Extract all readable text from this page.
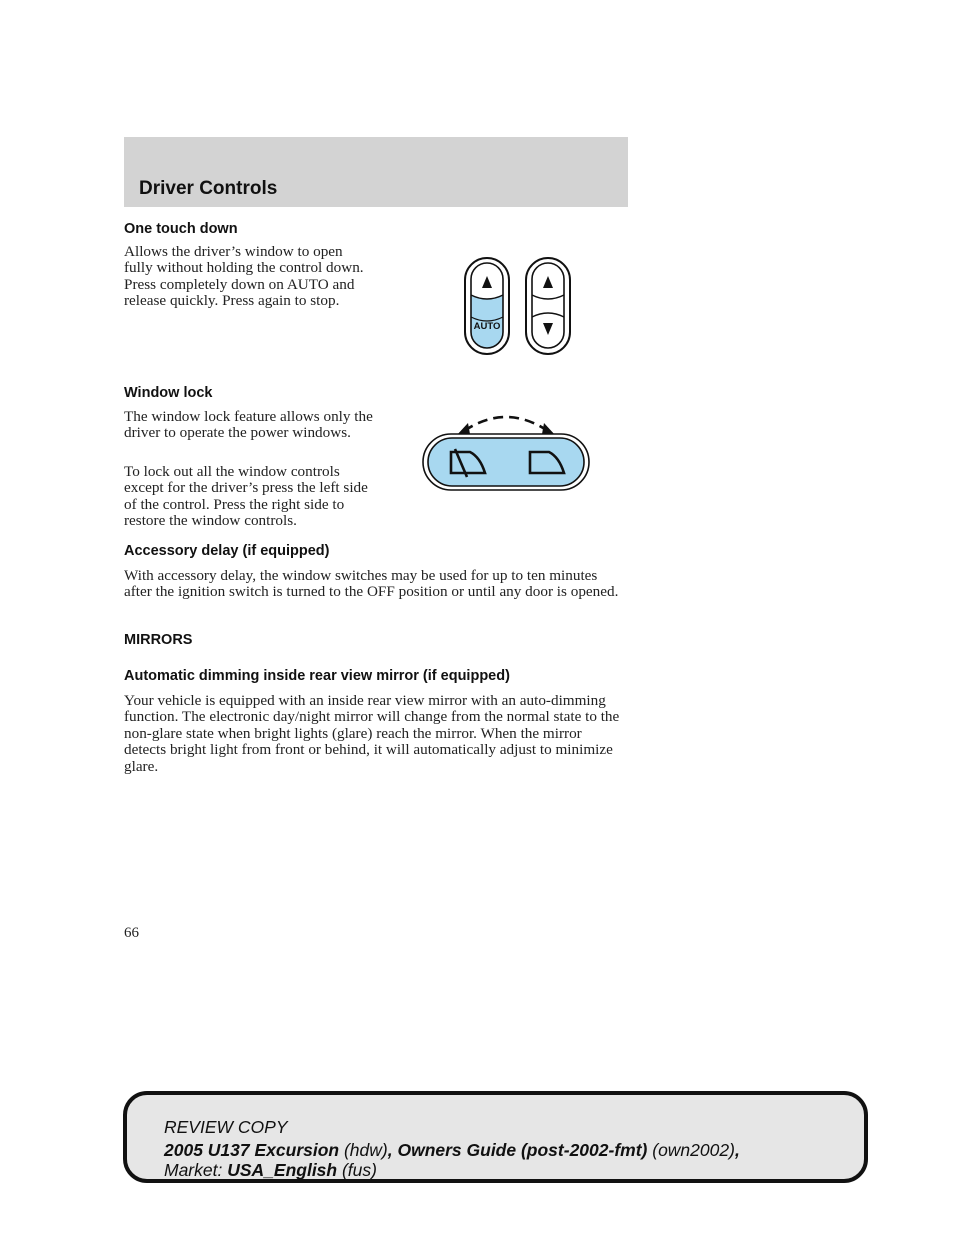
Driver Controls
One touch down

Allows the driver’s window to open fully without holding the control down. Press completely down on AUTO and release quickly. Press again to stop.

AUTO
Window lock

The window lock feature allows only the driver to operate the power windows.

To lock out all the window controls except for the driver’s press the left side of the control. Press the right side to restore the window controls.

Accessory delay (if equipped)

With accessory delay, the window switches may be used for up to ten minutes after the ignition switch is turned to the OFF position or until any door is opened.

MIRRORS
Automatic dimming inside rear view mirror (if equipped)

Your vehicle is equipped with an inside rear view mirror with an auto-dimming function. The electronic day/night mirror will change from the normal state to the non-glare state when bright lights (glare) reach the mirror. When the mirror detects bright light from front or behind, it will automatically adjust to minimize glare.

66

REVIEW COPY

2005 U137 Excursion (hdw), Owners Guide (post-2002-fmt) (own2002),

Market: USA_English (fus)
